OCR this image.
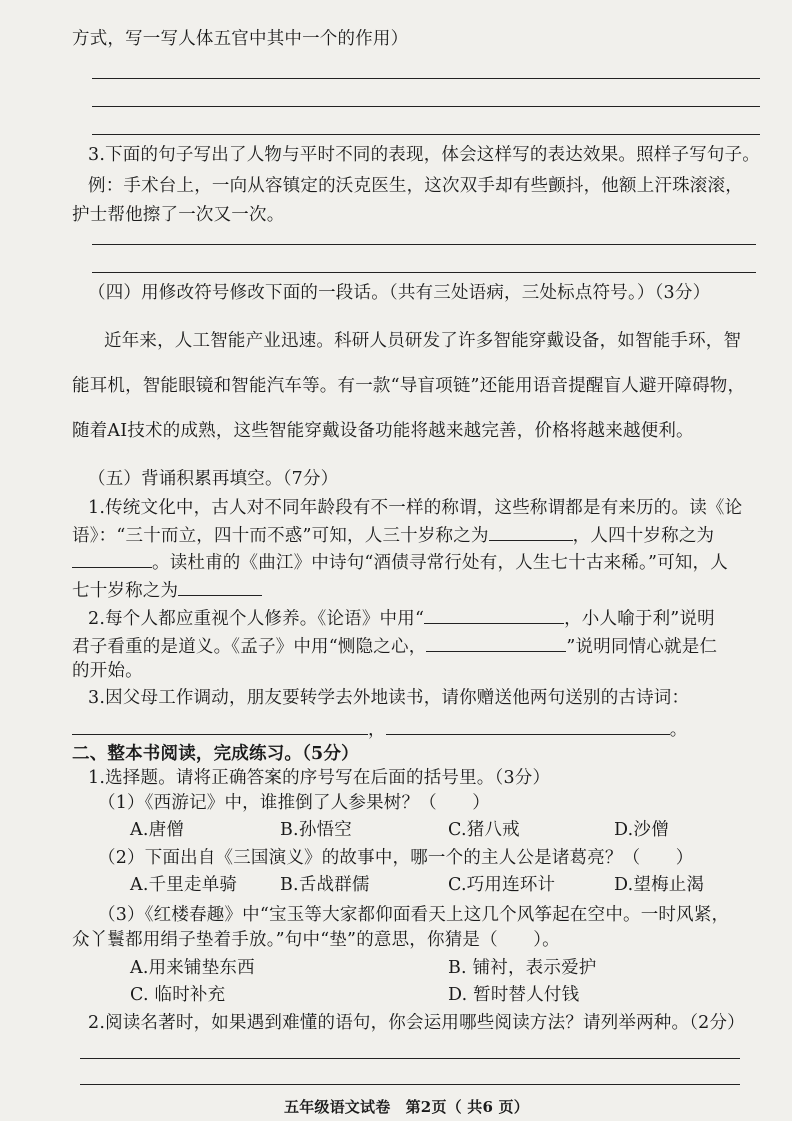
方式，写一写人体五官中其中一个的作用）
3.下面的句子写出了人物与平时不同的表现，体会这样写的表达效果。照样子写句子。
例：手术台上，一向从容镇定的沃克医生，这次双手却有些颤抖，他额上汗珠滚滚，
护士帮他擦了一次又一次。
（四）用修改符号修改下面的一段话。（共有三处语病，三处标点符号。）（3分）
近年来，人工智能产业迅速。科研人员研发了许多智能穿戴设备，如智能手环，智
能耳机，智能眼镜和智能汽车等。有一款“导盲项链”还能用语音提醒盲人避开障碍物，
随着AI技术的成熟，这些智能穿戴设备功能将越来越完善，价格将越来越便利。
（五）背诵积累再填空。（7分）
1.传统文化中，古人对不同年龄段有不一样的称谓，这些称谓都是有来历的。读《论
语》：“三十而立，四十而不惑”可知，人三十岁称之为	，人四十岁称之为
。读杜甫的《曲江》中诗句“酒债寻常行处有，人生七十古来稀。”可知，人
七十岁称之为
2.每个人都应重视个人修养。《论语》中用“	，小人喻于利”说明
君子看重的是道义。《孟子》中用“恻隐之心，	”说明同情心就是仁
的开始。
3.因父母工作调动，朋友要转学去外地读书，请你赠送他两句送别的古诗词：
，	。
二、整本书阅读，完成练习。（5分）
1.选择题。请将正确答案的序号写在后面的括号里。（3分）
（1）《西游记》中，谁推倒了人参果树？（　　）
A.唐僧	B.孙悟空	C.猪八戒	D.沙僧
（2）下面出自《三国演义》的故事中，哪一个的主人公是诸葛亮？（　　）
A.千里走单骑 B.舌战群儒	C.巧用连环计	D.望梅止渴
（3）《红楼春趣》中“宝玉等大家都仰面看天上这几个风筝起在空中。一时风紧，
众丫鬟都用绢子垫着手放。”句中“垫”的意思，你猜是（　　）。
A.用来铺垫东西	B. 铺衬，表示爱护
C. 临时补充	D. 暂时替人付钱
2.阅读名著时，如果遇到难懂的语句，你会运用哪些阅读方法？请列举两种。（2分）
五年级语文试卷　第2页（ 共6 页）
